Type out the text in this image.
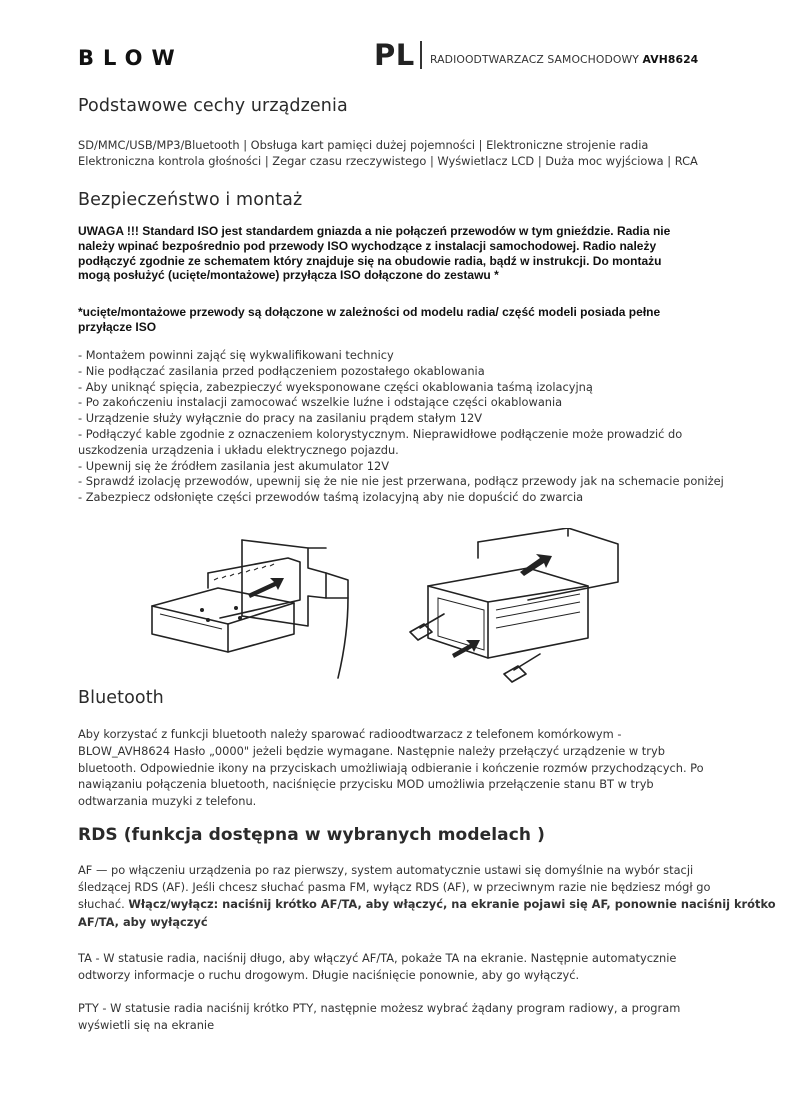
BLOW	PL RADIOODTWARZACZ SAMOCHODOWY AVH8624
Podstawowe cechy urządzenia
SD/MMC/USB/MP3/Bluetooth | Obsługa kart pamięci dużej pojemności | Elektroniczne strojenie radia
Elektroniczna kontrola głośności | Zegar czasu rzeczywistego | Wyświetlacz LCD | Duża moc wyjściowa | RCA
Bezpieczeństwo i montaż
UWAGA !!! Standard ISO jest standardem gniazda a nie połączeń przewodów w tym gnieździe. Radia nie
należy wpinać bezpośrednio pod przewody ISO wychodzące z instalacji samochodowej. Radio należy
podłączyć zgodnie ze schematem który znajduje się na obudowie radia, bądź w instrukcji. Do montażu
mogą posłużyć (ucięte/montażowe) przyłącza ISO dołączone do zestawu *
*ucięte/montażowe przewody są dołączone w zależności od modelu radia/ część modeli posiada pełne
przyłącze ISO
- Montażem powinni zająć się wykwalifikowani technicy
- Nie podłączać zasilania przed podłączeniem pozostałego okablowania
- Aby uniknąć spięcia, zabezpieczyć wyeksponowane części okablowania taśmą izolacyjną
- Po zakończeniu instalacji zamocować wszelkie luźne i odstające części okablowania
- Urządzenie służy wyłącznie do pracy na zasilaniu prądem stałym 12V
- Podłączyć kable zgodnie z oznaczeniem kolorystycznym. Nieprawidłowe podłączenie może prowadzić do
uszkodzenia urządzenia i układu elektrycznego pojazdu.
- Upewnij się że źródłem zasilania jest akumulator 12V
- Sprawdź izolację przewodów, upewnij się że nie nie jest przerwana, podłącz przewody jak na schemacie poniżej
- Zabezpiecz odsłonięte części przewodów taśmą izolacyjną aby nie dopuścić do zwarcia
Bluetooth
Aby korzystać z funkcji bluetooth należy sparować radioodtwarzacz z telefonem komórkowym -
BLOW_AVH8624 Hasło „0000" jeżeli będzie wymagane. Następnie należy przełączyć urządzenie w tryb
bluetooth. Odpowiednie ikony na przyciskach umożliwiają odbieranie i kończenie rozmów przychodzących. Po
nawiązaniu połączenia bluetooth, naciśnięcie przycisku MOD umożliwia przełączenie stanu BT w tryb
odtwarzania muzyki z telefonu.
RDS (funkcja dostępna w wybranych modelach )
AF — po włączeniu urządzenia po raz pierwszy, system automatycznie ustawi się domyślnie na wybór stacji
śledzącej RDS (AF). Jeśli chcesz słuchać pasma FM, wyłącz RDS (AF), w przeciwnym razie nie będziesz mógł go
słuchać. Włącz/wyłącz: naciśnij krótko AF/TA, aby włączyć, na ekranie pojawi się AF, ponownie naciśnij krótko
AF/TA, aby wyłączyć
TA - W statusie radia, naciśnij długo, aby włączyć AF/TA, pokaże TA na ekranie. Następnie automatycznie
odtworzy informacje o ruchu drogowym. Długie naciśnięcie ponownie, aby go wyłączyć.
PTY - W statusie radia naciśnij krótko PTY, następnie możesz wybrać żądany program radiowy, a program
wyświetli się na ekranie
